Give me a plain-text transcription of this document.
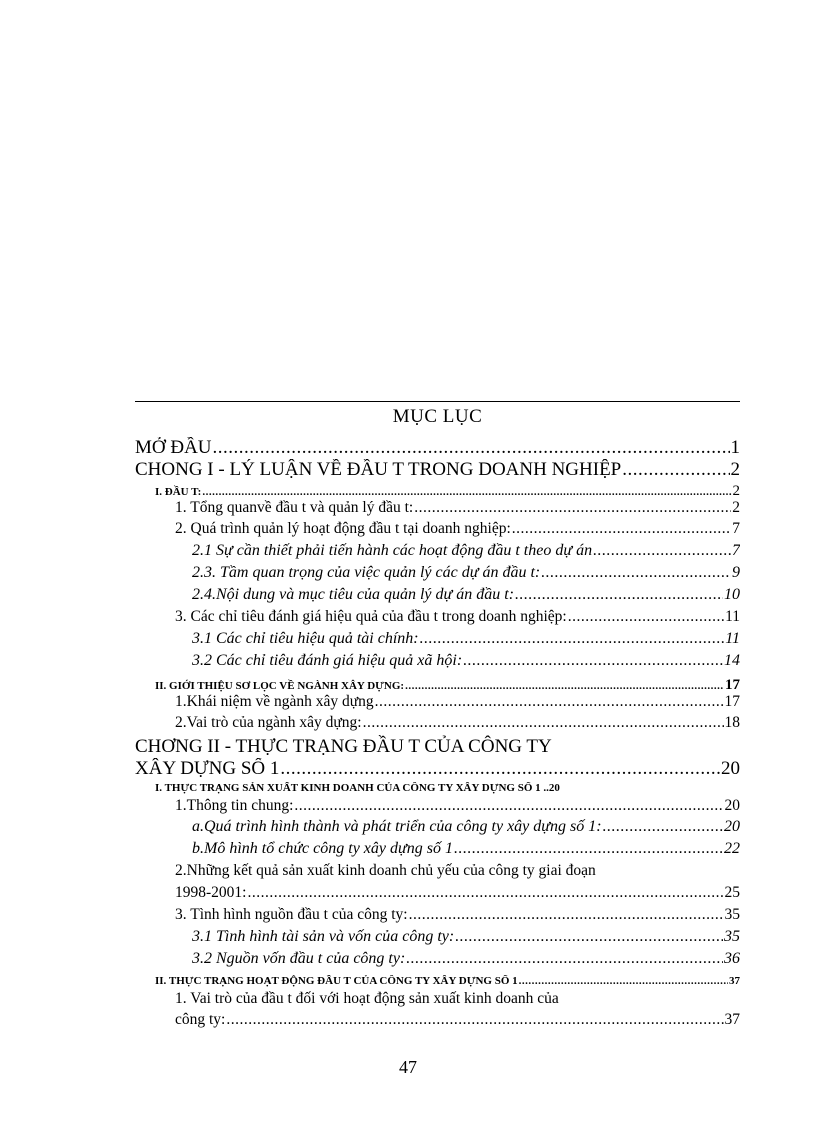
MỤC LỤC
MỞ ĐẦU .....	1
CHONG I - LÝ LUẬN VỀ ĐẦU T TRONG DOANH NGHIỆP .....	2
I. ĐẦU T: .....	2
1. Tổng quanvề đầu t và quản lý đầu t: .....	2
2. Quá trình quản lý hoạt động đầu t tại doanh nghiệp: .....	7
2.1 Sự cần thiết phải tiến hành các hoạt động đầu t theo dự án .....	7
2.3. Tầm quan trọng của việc quản lý các dự án đầu t: .....	9
2.4.Nội dung và mục tiêu của quản lý dự án đầu t: .....	10
3. Các chỉ tiêu đánh giá hiệu quả của đầu t trong doanh nghiệp: .....	11
3.1 Các chỉ tiêu hiệu quả tài chính: .....	11
3.2 Các chỉ tiêu đánh giá hiệu quả xã hội: .....	14
II. GIỚI THIỆU SƠ LỌC VỀ NGÀNH XÂY DỰNG: .....	17
1.Khái niệm về ngành xây dựng .....	17
2.Vai trò của ngành xây dựng: .....	18
CHƠNG II - THỰC TRẠNG ĐẦU T CỦA CÔNG TY
XÂY DỰNG SỐ 1 .....	20
I. THỰC TRẠNG SẢN XUẤT KINH DOANH CỦA CÔNG TY XÂY DỰNG SỐ 1 .. 20
1.Thông tin chung: .....	20
a.Quá trình hình thành và phát triển của công ty xây dựng số 1: .....	20
b.Mô hình tổ chức công ty xây dựng số 1 .....	22
2.Những kết quả sản xuất kinh doanh chủ yếu của công ty giai đoạn
1998-2001: .....	25
3. Tình hình nguồn đầu t của công ty: .....	35
3.1 Tình hình tài sản và vốn của công ty: .....	35
3.2 Nguồn vốn đầu t của công ty: .....	36
II. THỰC TRẠNG HOẠT ĐỘNG ĐẦU T CỦA CÔNG TY XÂY DỰNG SỐ 1 .....	37
1. Vai trò của đầu t đối với hoạt động sản xuất kinh doanh của
công ty: .....	37
47
